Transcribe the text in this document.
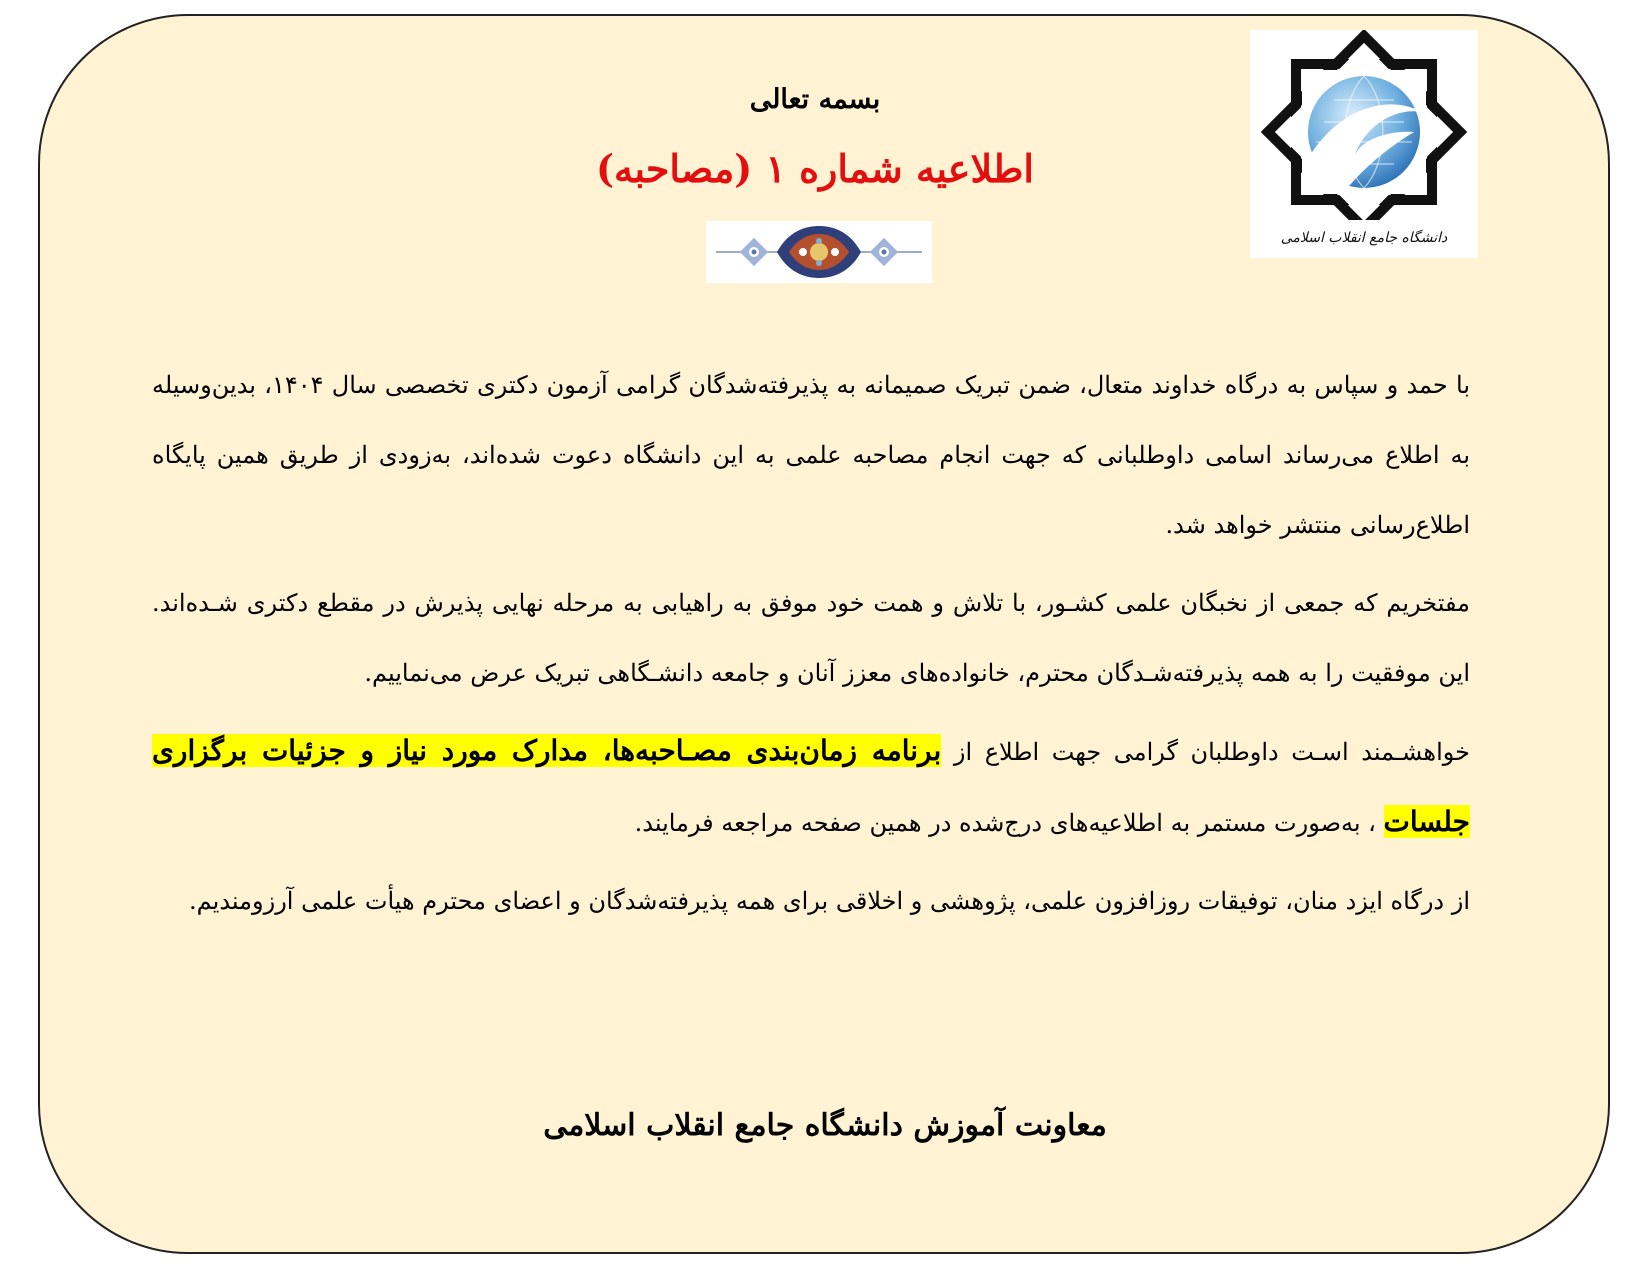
دانشگاه جامع انقلاب اسلامی
بسمه تعالی
اطلاعیه شماره ۱ (مصاحبه)

با حمد و سپاس به درگاه خداوند متعال، ضمن تبریک صمیمانه به پذیرفته‌شدگان گرامی آزمون دکتری تخصصی سال ۱۴۰۴، بدین‌وسیله به اطلاع می‌رساند اسامی داوطلبانی که جهت انجام مصاحبه علمی به این دانشگاه دعوت شده‌اند، به‌زودی از طریق همین پایگاه اطلاع‌رسانی منتشر خواهد شد.

مفتخریم که جمعی از نخبگان علمی کشـور، با تلاش و همت خود موفق به راهیابی به مرحله نهایی پذیرش در مقطع دکتری شـده‌اند. این موفقیت را به همه پذیرفته‌شـدگان محترم، خانواده‌های معزز آنان و جامعه دانشـگاهی تبریک عرض می‌نماییم.

خواهشـمند اسـت داوطلبان گرامی جهت اطلاع از برنامه زمان‌بندی مصـاحبه‌ها، مدارک مورد نیاز و جزئیات برگزاری جلسات ، به‌صورت مستمر به اطلاعیه‌های درج‌شده در همین صفحه مراجعه فرمایند.

از درگاه ایزد منان، توفیقات روزافزون علمی، پژوهشی و اخلاقی برای همه پذیرفته‌شدگان و اعضای محترم هیأت علمی آرزومندیم.

معاونت آموزش دانشگاه جامع انقلاب اسلامی
